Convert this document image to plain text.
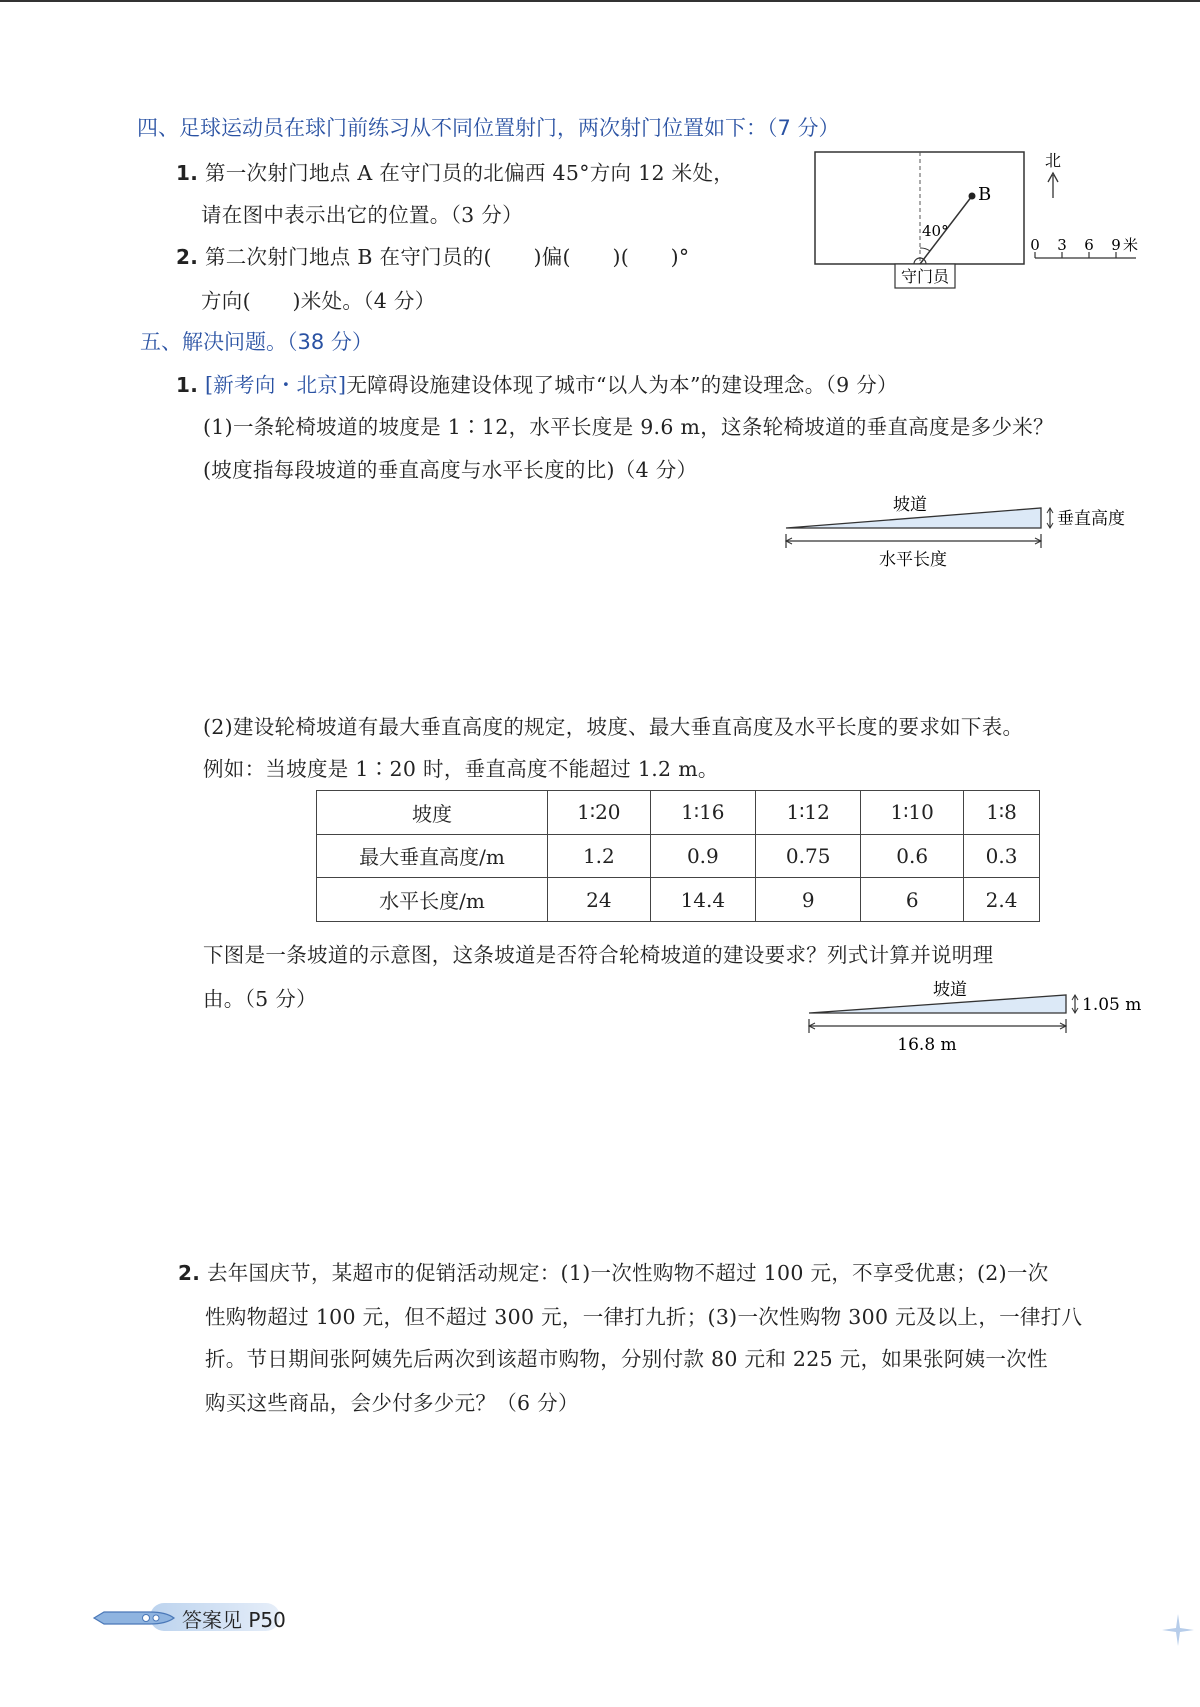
四、足球运动员在球门前练习从不同位置射门，两次射门位置如下：（7 分）
1. 第一次射门地点 A 在守门员的北偏西 45°方向 12 米处，
请在图中表示出它的位置。（3 分）
2. 第二次射门地点 B 在守门员的(　　)偏(　　)(　　)°
方向(　　)米处。（4 分）
B
40°
守门员
北
0 3 6 9 米
五、解决问题。（38 分）
1. [新考向・北京]无障碍设施建设体现了城市“以人为本”的建设理念。（9 分）
(1)一条轮椅坡道的坡度是 1∶12，水平长度是 9.6 m，这条轮椅坡道的垂直高度是多少米？
(坡度指每段坡道的垂直高度与水平长度的比)（4 分）
坡道
垂直高度
水平长度
(2)建设轮椅坡道有最大垂直高度的规定，坡度、最大垂直高度及水平长度的要求如下表。
例如：当坡度是 1∶20 时，垂直高度不能超过 1.2 m。
坡度	1∶20	1∶16	1∶12	1∶10	1∶8
最大垂直高度/m	1.2	0.9	0.75	0.6	0.3
水平长度/m	24	14.4	9	6	2.4
下图是一条坡道的示意图，这条坡道是否符合轮椅坡道的建设要求？列式计算并说明理
由。（5 分）	坡道
1.05 m
16.8 m
2. 去年国庆节，某超市的促销活动规定：(1)一次性购物不超过 100 元，不享受优惠；(2)一次
性购物超过 100 元，但不超过 300 元，一律打九折；(3)一次性购物 300 元及以上，一律打八
折。节日期间张阿姨先后两次到该超市购物，分别付款 80 元和 225 元，如果张阿姨一次性
购买这些商品，会少付多少元？（6 分）
答案见 P50
